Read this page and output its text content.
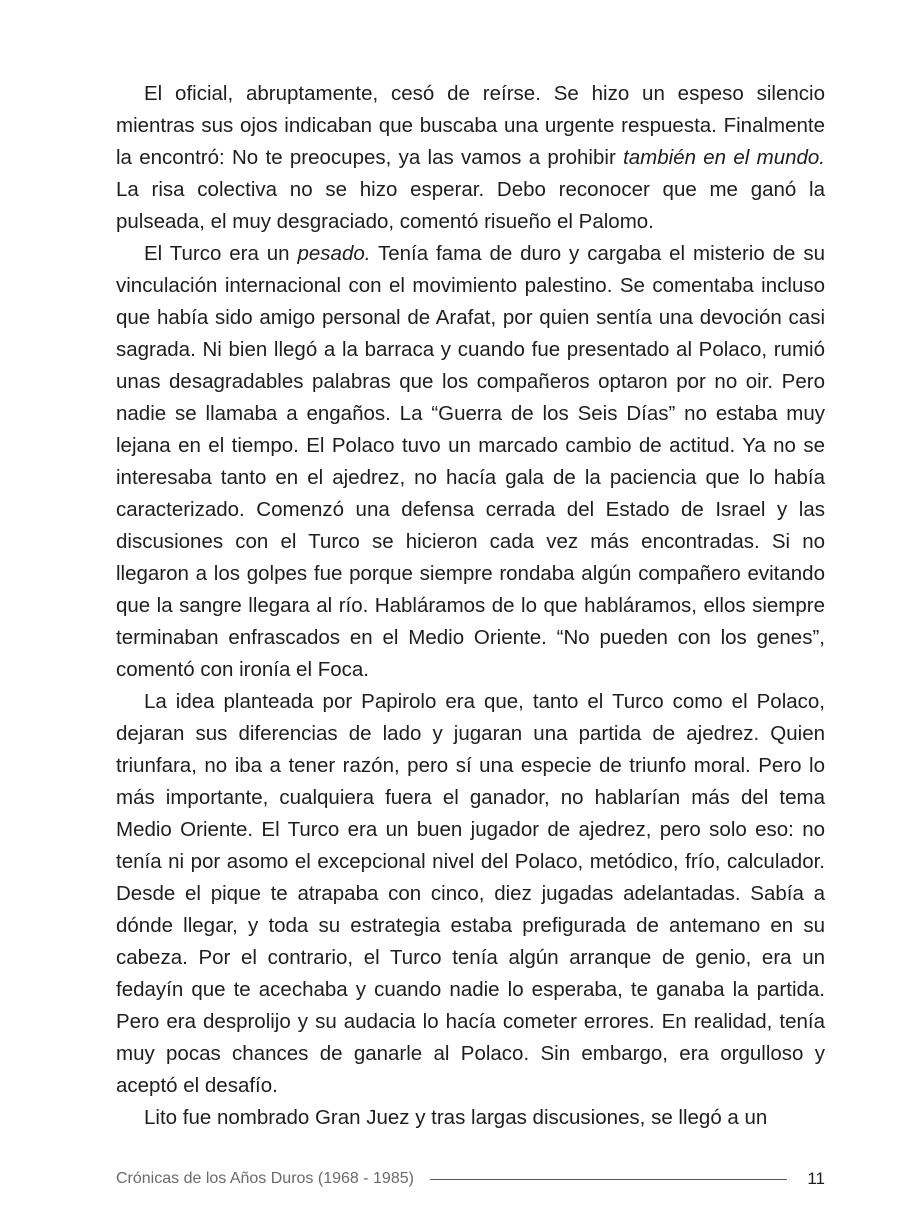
El oficial, abruptamente, cesó de reírse. Se hizo un espeso silencio mientras sus ojos indicaban que buscaba una urgente respuesta. Finalmente la encontró: No te preocupes, ya las vamos a prohibir también en el mundo. La risa colectiva no se hizo esperar. Debo reconocer que me ganó la pulseada, el muy desgraciado, comentó risueño el Palomo.

El Turco era un pesado. Tenía fama de duro y cargaba el misterio de su vinculación internacional con el movimiento palestino. Se comentaba incluso que había sido amigo personal de Arafat, por quien sentía una devoción casi sagrada. Ni bien llegó a la barraca y cuando fue presentado al Polaco, rumió unas desagradables palabras que los compañeros optaron por no oir. Pero nadie se llamaba a engaños. La “Guerra de los Seis Días” no estaba muy lejana en el tiempo. El Polaco tuvo un marcado cambio de actitud. Ya no se interesaba tanto en el ajedrez, no hacía gala de la paciencia que lo había caracterizado. Comenzó una defensa cerrada del Estado de Israel y las discusiones con el Turco se hicieron cada vez más encontradas. Si no llegaron a los golpes fue porque siempre rondaba algún compañero evitando que la sangre llegara al río. Habláramos de lo que habláramos, ellos siempre terminaban enfrascados en el Medio Oriente. “No pueden con los genes”, comentó con ironía el Foca.

La idea planteada por Papirolo era que, tanto el Turco como el Polaco, dejaran sus diferencias de lado y jugaran una partida de ajedrez. Quien triunfara, no iba a tener razón, pero sí una especie de triunfo moral. Pero lo más importante, cualquiera fuera el ganador, no hablarían más del tema Medio Oriente. El Turco era un buen jugador de ajedrez, pero solo eso: no tenía ni por asomo el excepcional nivel del Polaco, metódico, frío, calculador. Desde el pique te atrapaba con cinco, diez jugadas adelantadas. Sabía a dónde llegar, y toda su estrategia estaba prefigurada de antemano en su cabeza. Por el contrario, el Turco tenía algún arranque de genio, era un fedayín que te acechaba y cuando nadie lo esperaba, te ganaba la partida. Pero era desprolijo y su audacia lo hacía cometer errores. En realidad, tenía muy pocas chances de ganarle al Polaco. Sin embargo, era orgulloso y aceptó el desafío.

Lito fue nombrado Gran Juez y tras largas discusiones, se llegó a un

Crónicas de los Años Duros (1968 - 1985)	11
